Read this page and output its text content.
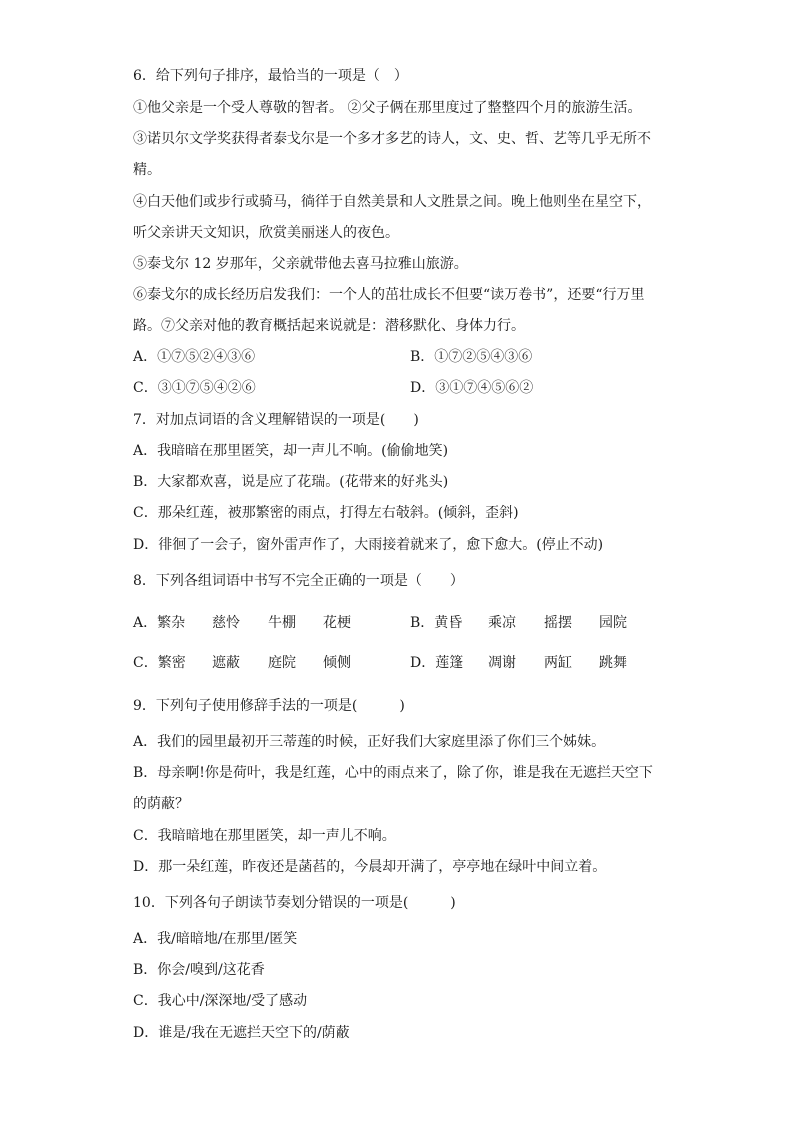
6．给下列句子排序，最恰当的一项是（　）
①他父亲是一个受人尊敬的智者。 ②父子俩在那里度过了整整四个月的旅游生活。
③诺贝尔文学奖获得者泰戈尔是一个多才多艺的诗人，文、史、哲、艺等几乎无所不
精。
④白天他们或步行或骑马，徜徉于自然美景和人文胜景之间。晚上他则坐在星空下，
听父亲讲天文知识，欣赏美丽迷人的夜色。
⑤泰戈尔 12 岁那年，父亲就带他去喜马拉雅山旅游。
⑥泰戈尔的成长经历启发我们：一个人的茁壮成长不但要“读万卷书”，还要“行万里
路。⑦父亲对他的教育概括起来说就是：潜移默化、身体力行。
A．①⑦⑤②④③⑥	B．①⑦②⑤④③⑥
C．③①⑦⑤④②⑥	D．③①⑦④⑤⑥②
7．对加点词语的含义理解错误的一项是(　　)
A．我暗暗在那里匿笑，却一声儿不响。(偷偷地笑)
B．大家都欢喜，说是应了花瑞。(花带来的好兆头)
C．那朵红莲，被那繁密的雨点，打得左右攲斜。(倾斜，歪斜)
D．徘徊了一会子，窗外雷声作了，大雨接着就来了，愈下愈大。(停止不动)
8．下列各组词语中书写不完全正确的一项是（　　）
A．繁杂 慈怜 牛棚 花梗	B．黄昏 乘凉 摇摆 园院
C．繁密 遮蔽 庭院 倾侧	D．莲篷 凋谢 两缸 跳舞
9．下列句子使用修辞手法的一项是(　　　)
A．我们的园里最初开三蒂莲的时候，正好我们大家庭里添了你们三个姊妹。
B．母亲啊!你是荷叶，我是红莲，心中的雨点来了，除了你，谁是我在无遮拦天空下
的荫蔽？
C．我暗暗地在那里匿笑，却一声儿不响。
D．那一朵红莲，昨夜还是菡萏的，今晨却开满了，亭亭地在绿叶中间立着。
10．下列各句子朗读节奏划分错误的一项是(　　　)
A．我/暗暗地/在那里/匿笑
B．你会/嗅到/这花香
C．我心中/深深地/受了感动
D．谁是/我在无遮拦天空下的/荫蔽
